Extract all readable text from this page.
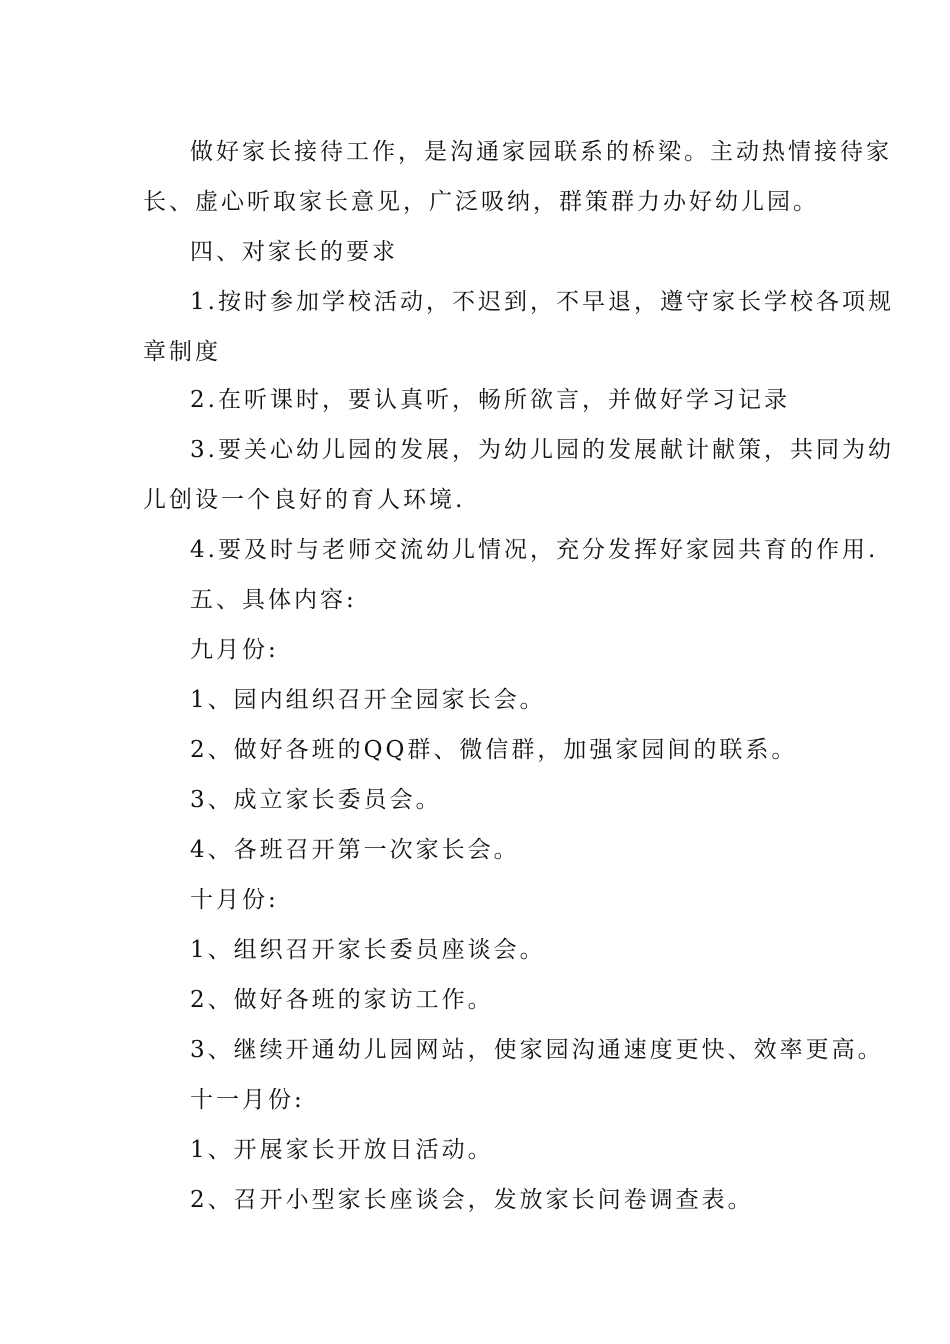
做好家长接待工作，是沟通家园联系的桥梁。主动热情接待家
长、虚心听取家长意见，广泛吸纳，群策群力办好幼儿园。
四、对家长的要求
1.按时参加学校活动，不迟到，不早退，遵守家长学校各项规
章制度
2.在听课时，要认真听，畅所欲言，并做好学习记录
3.要关心幼儿园的发展，为幼儿园的发展献计献策，共同为幼
儿创设一个良好的育人环境.
4.要及时与老师交流幼儿情况，充分发挥好家园共育的作用.
五、具体内容:
九月份:
1、园内组织召开全园家长会。
2、做好各班的QQ群、微信群，加强家园间的联系。
3、成立家长委员会。
4、各班召开第一次家长会。
十月份:
1、组织召开家长委员座谈会。
2、做好各班的家访工作。
3、继续开通幼儿园网站，使家园沟通速度更快、效率更高。
十一月份:
1、开展家长开放日活动。
2、召开小型家长座谈会，发放家长问卷调查表。
